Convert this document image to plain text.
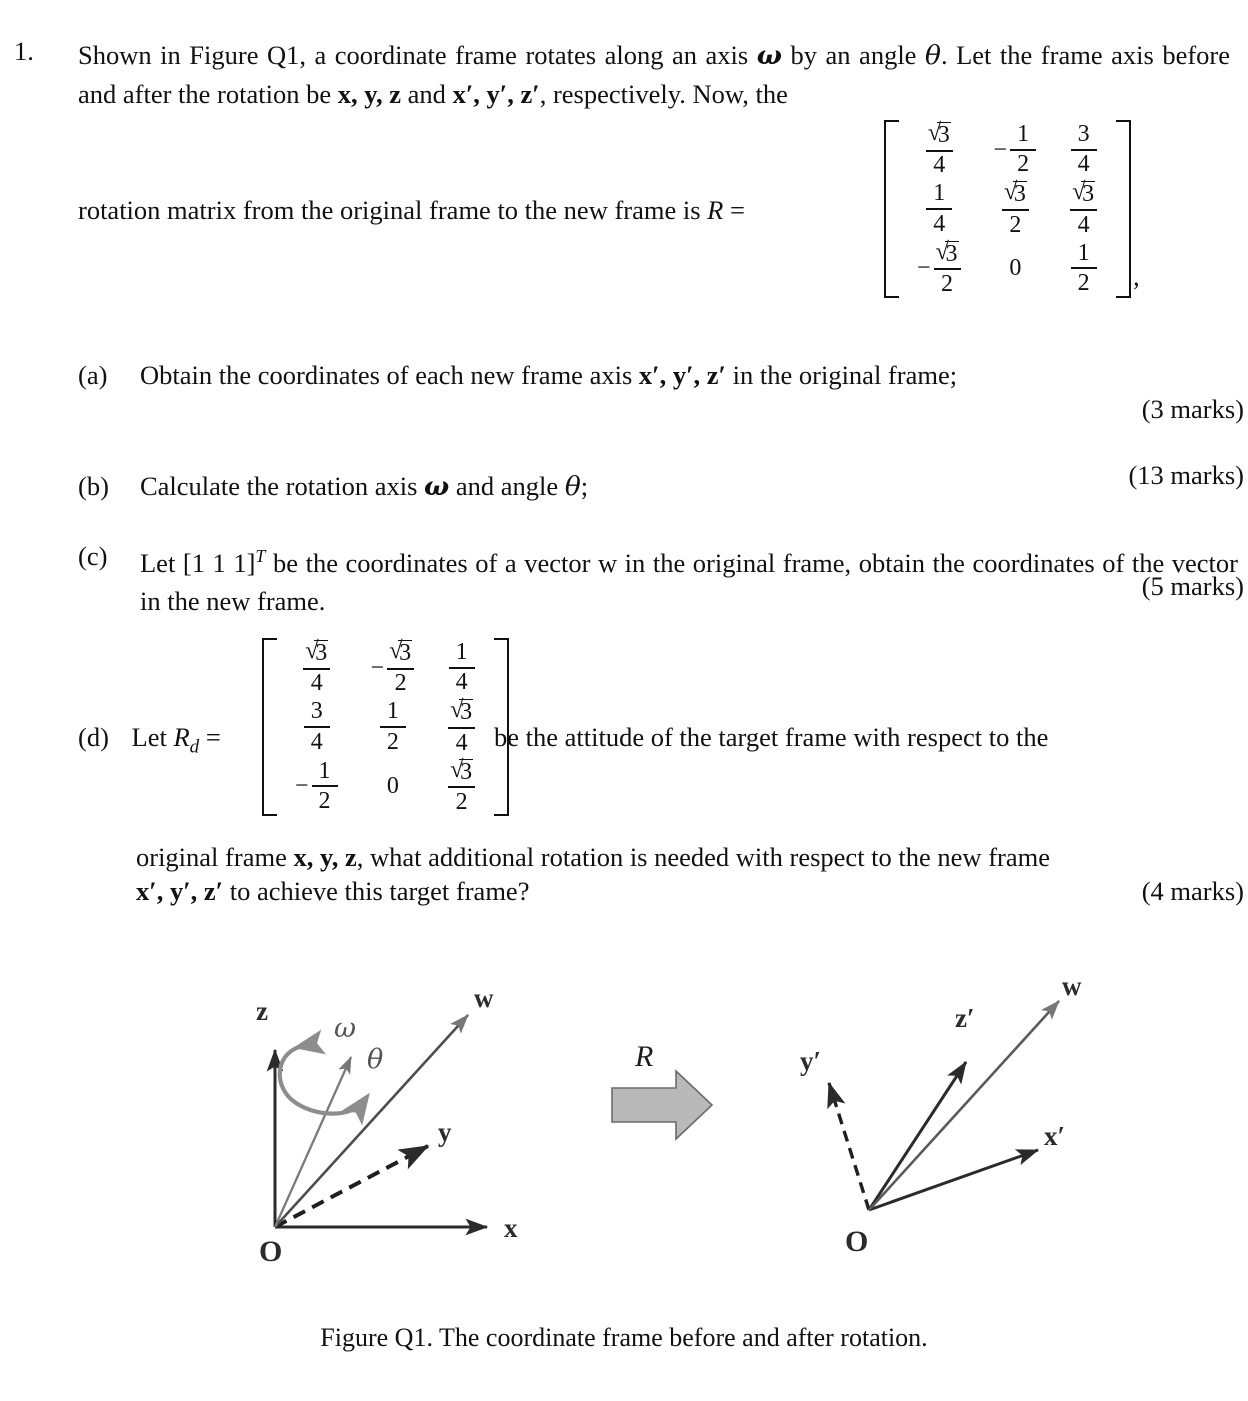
1. Shown in Figure Q1, a coordinate frame rotates along an axis ω by an angle θ. Let the frame axis before and after the rotation be x, y, z and x′, y′, z′, respectively. Now, the

rotation matrix from the original frame to the new frame is R =
√ $\frac{3}{4}$	− $\frac{1}{2}$	$\frac{3}{4}$

$\frac{1}{4}$	√ $\frac{3}{2}$	√ $\frac{3}{4}$

− √ $\frac{3}{2}$	0	$\frac{1}{2}$ ,
(a)	Obtain the coordinates of each new frame axis x′, y′, z′ in the original frame;
(3 marks)
(b)	Calculate the rotation axis ω and angle θ;	(13 marks)
(c)	Let [1 1 1]$^T$ be the coordinates of a vector w in the original frame, obtain the coordinates of the vector in the new frame.	(5 marks)
(d) Let $R_d$ =
√ $\frac{3}{4}$	− √ $\frac{3}{2}$	$\frac{1}{4}$

$\frac{3}{4}$	$\frac{1}{2}$	√ $\frac{3}{4}$

− $\frac{1}{2}$	0	√ $\frac{3}{2}$
be the attitude of the target frame with respect to the
original frame x, y, z, what additional rotation is needed with respect to the new frame
x′, y′, z′ to achieve this target frame?	(4 marks)
z
x
y
w
ω
θ
O
R	y′
z′
x′
w
O
Figure Q1. The coordinate frame before and after rotation.
